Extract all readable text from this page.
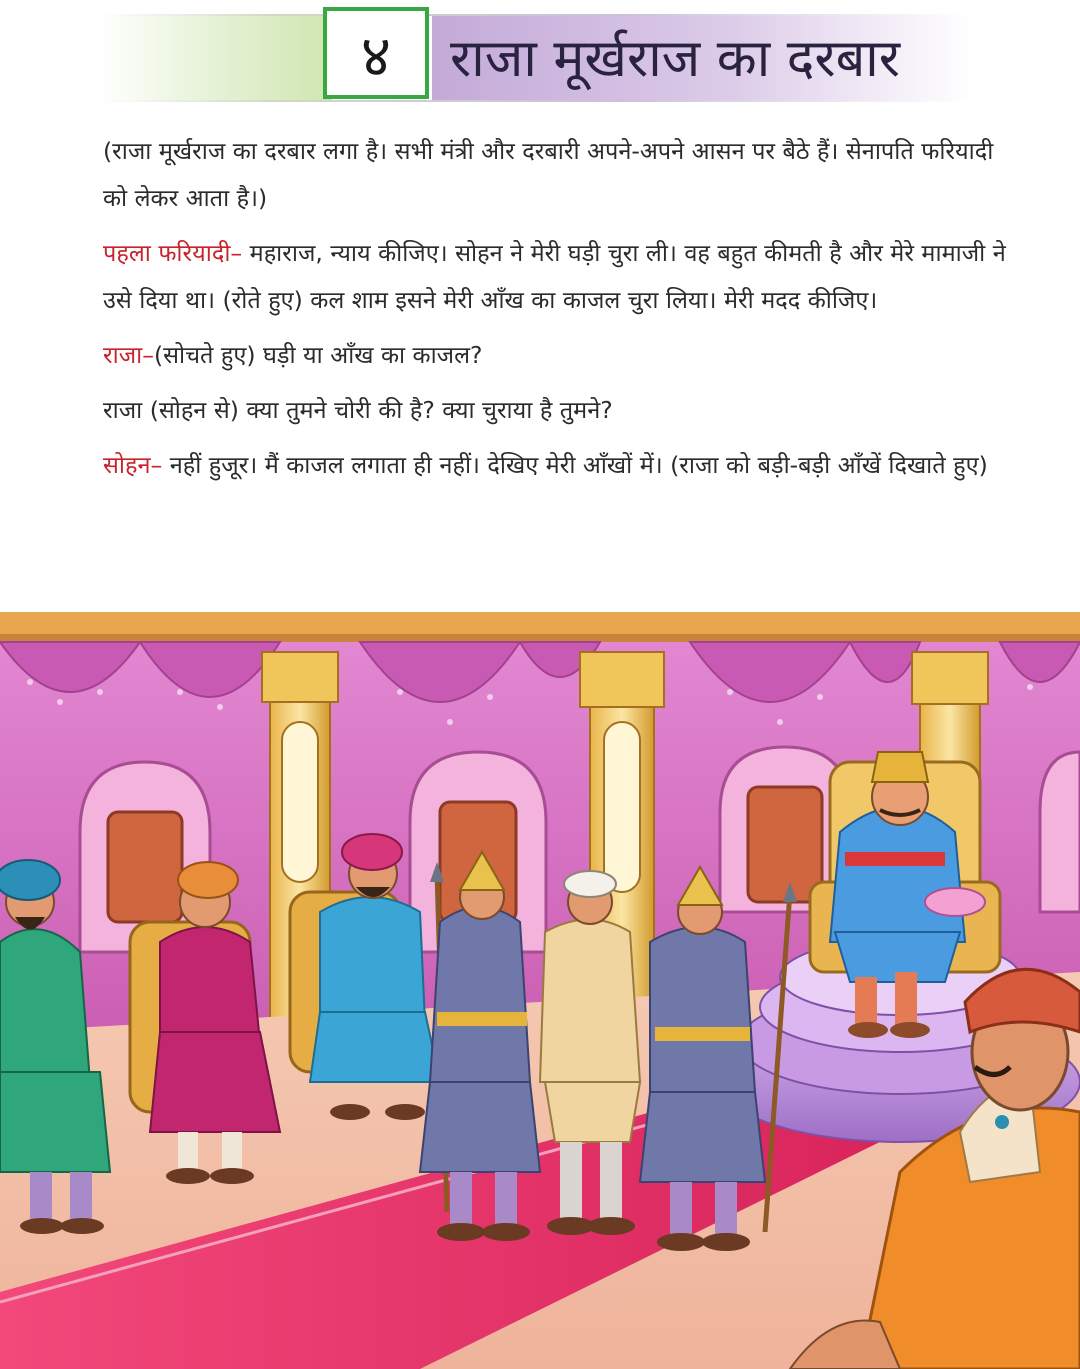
४	राजा मूर्खराज का दरबार

(राजा मूर्खराज का दरबार लगा है। सभी मंत्री और दरबारी अपने-अपने आसन पर बैठे हैं। सेनापति फरियादी को लेकर आता है।)

पहला फरियादी– महाराज, न्याय कीजिए। सोहन ने मेरी घड़ी चुरा ली। वह बहुत कीमती है और मेरे मामाजी ने उसे दिया था। (रोते हुए) कल शाम इसने मेरी आँख का काजल चुरा लिया। मेरी मदद कीजिए।

राजा–(सोचते हुए) घड़ी या आँख का काजल?

राजा (सोहन से) क्या तुमने चोरी की है? क्या चुराया है तुमने?

सोहन– नहीं हुजूर। मैं काजल लगाता ही नहीं। देखिए मेरी आँखों में। (राजा को बड़ी-बड़ी आँखें दिखाते हुए)
